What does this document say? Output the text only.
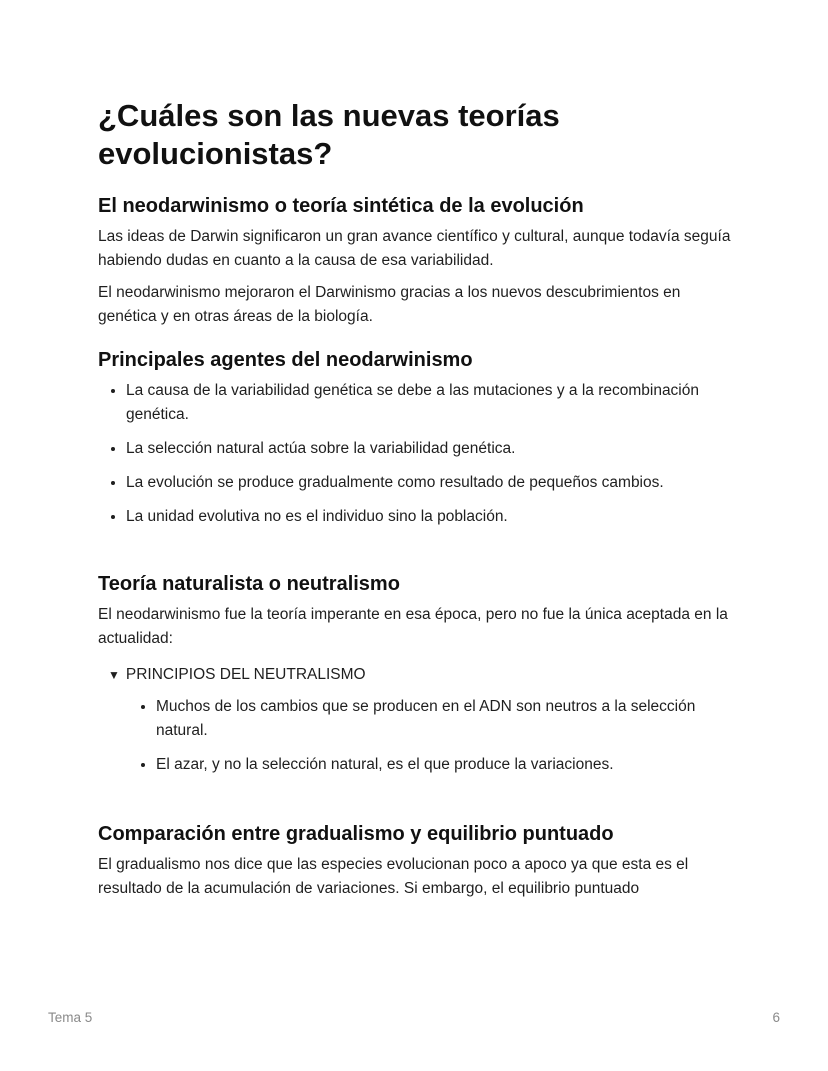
¿Cuáles son las nuevas teorías evolucionistas?
El neodarwinismo o teoría sintética de la evolución

Las ideas de Darwin significaron un gran avance científico y cultural, aunque todavía seguía habiendo dudas en cuanto a la causa de esa variabilidad.

El neodarwinismo mejoraron el Darwinismo gracias a los nuevos descubrimientos en genética y en otras áreas de la biología.

Principales agentes del neodarwinismo
• La causa de la variabilidad genética se debe a las mutaciones y a la recombinación genética.
• La selección natural actúa sobre la variabilidad genética.
• La evolución se produce gradualmente como resultado de pequeños cambios.
• La unidad evolutiva no es el individuo sino la población.
Teoría naturalista o neutralismo

El neodarwinismo fue la teoría imperante en esa época, pero no fue la única aceptada en la actualidad:

▼ PRINCIPIOS DEL NEUTRALISMO
• Muchos de los cambios que se producen en el ADN son neutros a la selección natural.
• El azar, y no la selección natural, es el que produce la variaciones.
Comparación entre gradualismo y equilibrio puntuado

El gradualismo nos dice que las especies evolucionan poco a apoco ya que esta es el resultado de la acumulación de variaciones. Si embargo, el equilibrio puntuado

Tema 5	6
